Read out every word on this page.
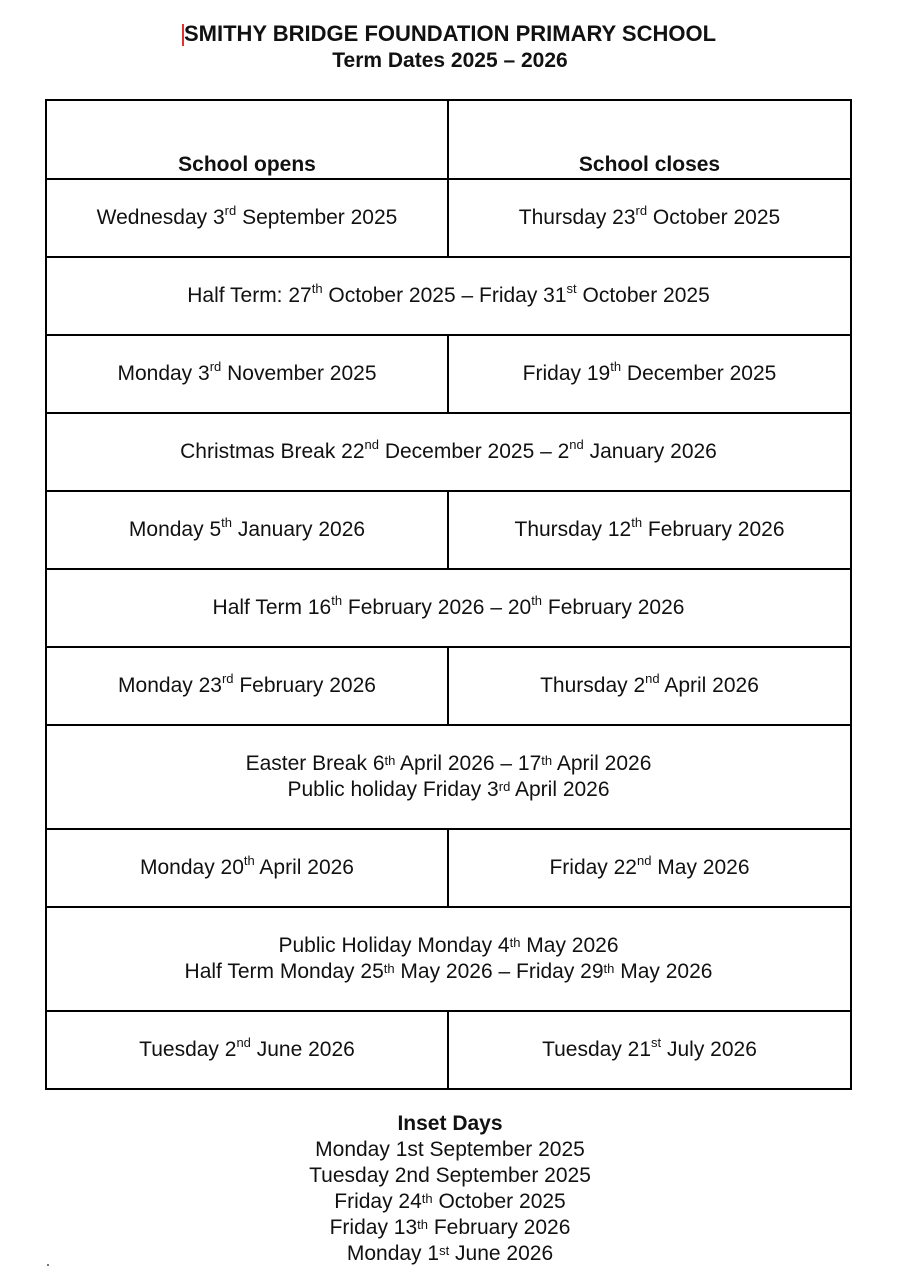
SMITHY BRIDGE FOUNDATION PRIMARY SCHOOL
Term Dates 2025 – 2026
School opens	School closes
Wednesday 3rd September 2025	Thursday 23rd October 2025

Half Term: 27th October 2025 – Friday 31st October 2025	

Monday 3rd November 2025	Friday 19th December 2025

Christmas Break 22nd December 2025 – 2nd January 2026	

Monday 5th January 2026	Thursday 12th February 2026

Half Term 16th February 2026 – 20th February 2026	

Monday 23rd February 2026	Thursday 2nd April 2026

Easter Break 6th April 2026 – 17th April 2026
Public holiday Friday 3rd April 2026	

Monday 20th April 2026	Friday 22nd May 2026

Public Holiday Monday 4th May 2026
Half Term Monday 25th May 2026 – Friday 29th May 2026	

Tuesday 2nd June 2026	Tuesday 21st July 2026
Inset Days
Monday 1st September 2025
Tuesday 2nd September 2025
Friday 24th October 2025
Friday 13th February 2026
Monday 1st June 2026
